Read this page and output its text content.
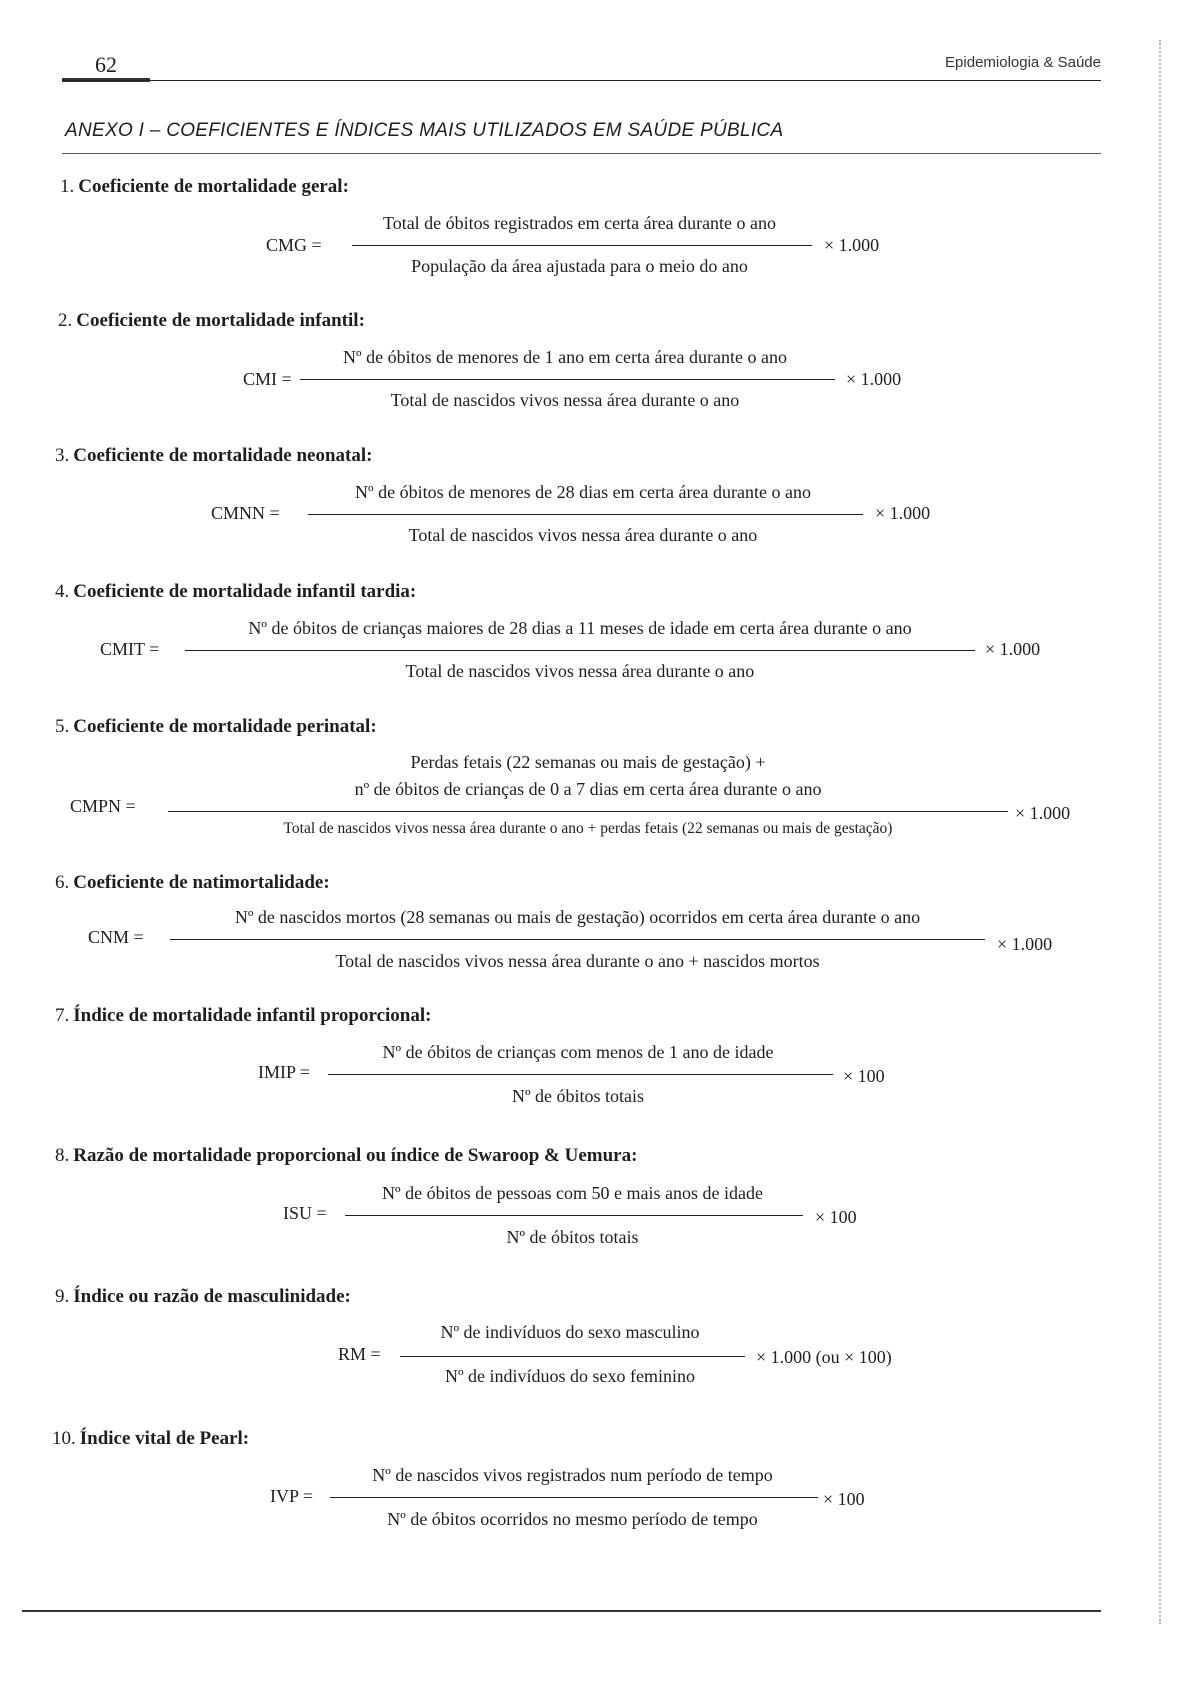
62	Epidemiologia & Saúde
ANEXO I – COEFICIENTES E ÍNDICES MAIS UTILIZADOS EM SAÚDE PÚBLICA
1. Coeficiente de mortalidade geral:
CMG =
Total de óbitos registrados em certa área durante o ano
População da área ajustada para o meio do ano
× 1.000
2. Coeficiente de mortalidade infantil:
CMI =
Nº de óbitos de menores de 1 ano em certa área durante o ano
Total de nascidos vivos nessa área durante o ano
× 1.000
3. Coeficiente de mortalidade neonatal:
CMNN =
Nº de óbitos de menores de 28 dias em certa área durante o ano
Total de nascidos vivos nessa área durante o ano
× 1.000
4. Coeficiente de mortalidade infantil tardia:
CMIT =
Nº de óbitos de crianças maiores de 28 dias a 11 meses de idade em certa área durante o ano
Total de nascidos vivos nessa área durante o ano
× 1.000
5. Coeficiente de mortalidade perinatal:
CMPN =
Perdas fetais (22 semanas ou mais de gestação) +
nº de óbitos de crianças de 0 a 7 dias em certa área durante o ano
Total de nascidos vivos nessa área durante o ano + perdas fetais (22 semanas ou mais de gestação)
× 1.000
6. Coeficiente de natimortalidade:
CNM =
Nº de nascidos mortos (28 semanas ou mais de gestação) ocorridos em certa área durante o ano
Total de nascidos vivos nessa área durante o ano + nascidos mortos
× 1.000
7. Índice de mortalidade infantil proporcional:
IMIP =
Nº de óbitos de crianças com menos de 1 ano de idade
Nº de óbitos totais
× 100
8. Razão de mortalidade proporcional ou índice de Swaroop & Uemura:
ISU =
Nº de óbitos de pessoas com 50 e mais anos de idade
Nº de óbitos totais
× 100
9. Índice ou razão de masculinidade:
RM =
Nº de indivíduos do sexo masculino
Nº de indivíduos do sexo feminino
× 1.000 (ou × 100)
10. Índice vital de Pearl:
IVP =
Nº de nascidos vivos registrados num período de tempo
Nº de óbitos ocorridos no mesmo período de tempo
× 100
